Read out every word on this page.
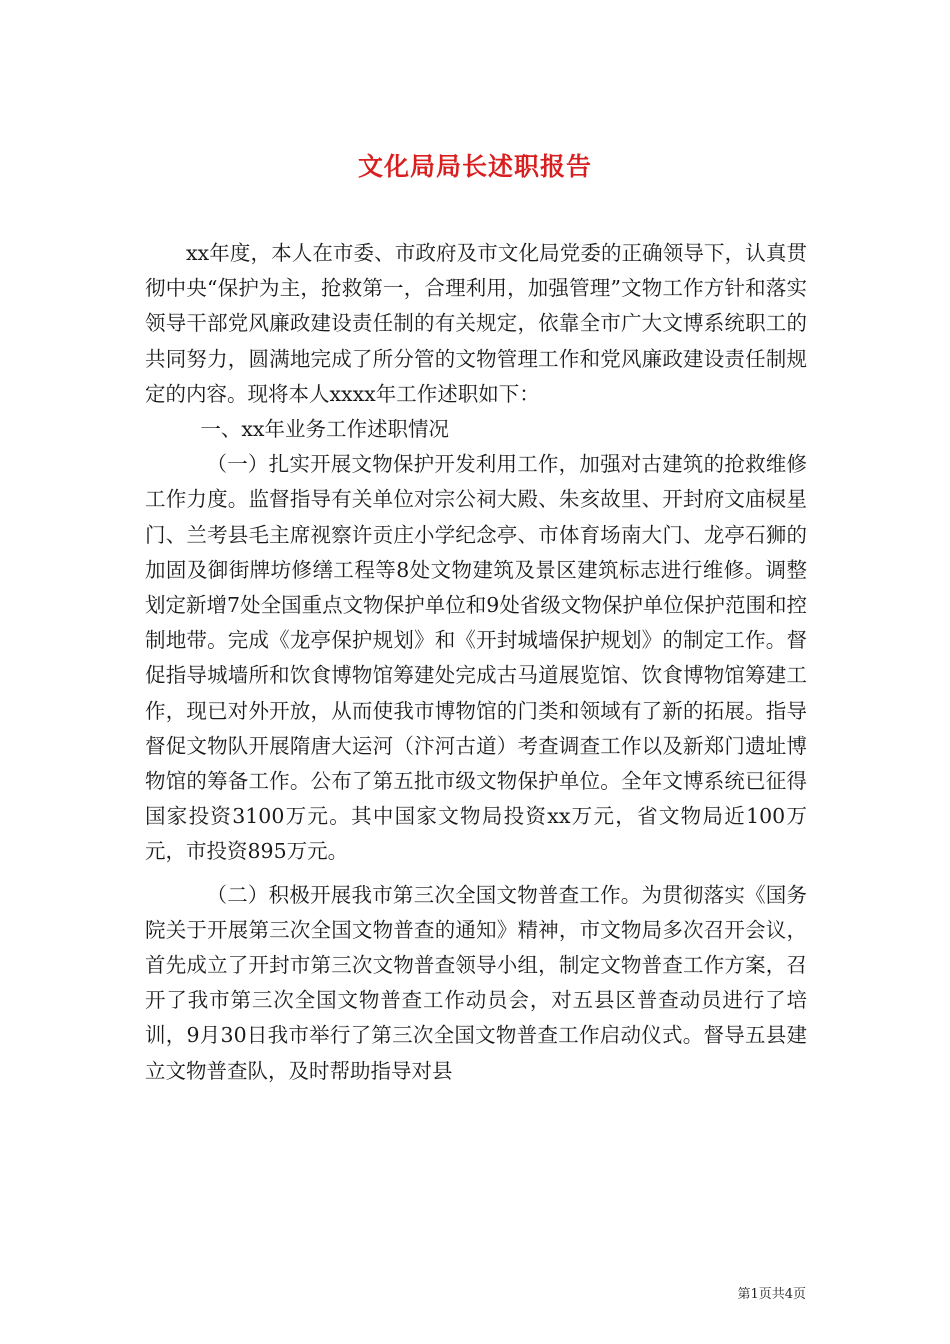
文化局局长述职报告

xx年度，本人在市委、市政府及市文化局党委的正确领导下，认真贯彻中央“保护为主，抢救第一，合理利用，加强管理”文物工作方针和落实领导干部党风廉政建设责任制的有关规定，依靠全市广大文博系统职工的共同努力，圆满地完成了所分管的文物管理工作和党风廉政建设责任制规定的内容。现将本人xxxx年工作述职如下：

一、xx年业务工作述职情况

（一）扎实开展文物保护开发利用工作，加强对古建筑的抢救维修工作力度。监督指导有关单位对宗公祠大殿、朱亥故里、开封府文庙棂星门、兰考县毛主席视察许贡庄小学纪念亭、市体育场南大门、龙亭石狮的加固及御街牌坊修缮工程等8处文物建筑及景区建筑标志进行维修。调整划定新增7处全国重点文物保护单位和9处省级文物保护单位保护范围和控制地带。完成《龙亭保护规划》和《开封城墙保护规划》的制定工作。督促指导城墙所和饮食博物馆筹建处完成古马道展览馆、饮食博物馆筹建工作，现已对外开放，从而使我市博物馆的门类和领域有了新的拓展。指导督促文物队开展隋唐大运河（汴河古道）考查调查工作以及新郑门遗址博物馆的筹备工作。公布了第五批市级文物保护单位。全年文博系统已征得国家投资3100万元。其中国家文物局投资xx万元，省文物局近100万元，市投资895万元。

（二）积极开展我市第三次全国文物普查工作。为贯彻落实《国务院关于开展第三次全国文物普查的通知》精神，市文物局多次召开会议，首先成立了开封市第三次文物普查领导小组，制定文物普查工作方案，召开了我市第三次全国文物普查工作动员会，对五县区普查动员进行了培训，9月30日我市举行了第三次全国文物普查工作启动仪式。督导五县建立文物普查队，及时帮助指导对县

第1页共4页
